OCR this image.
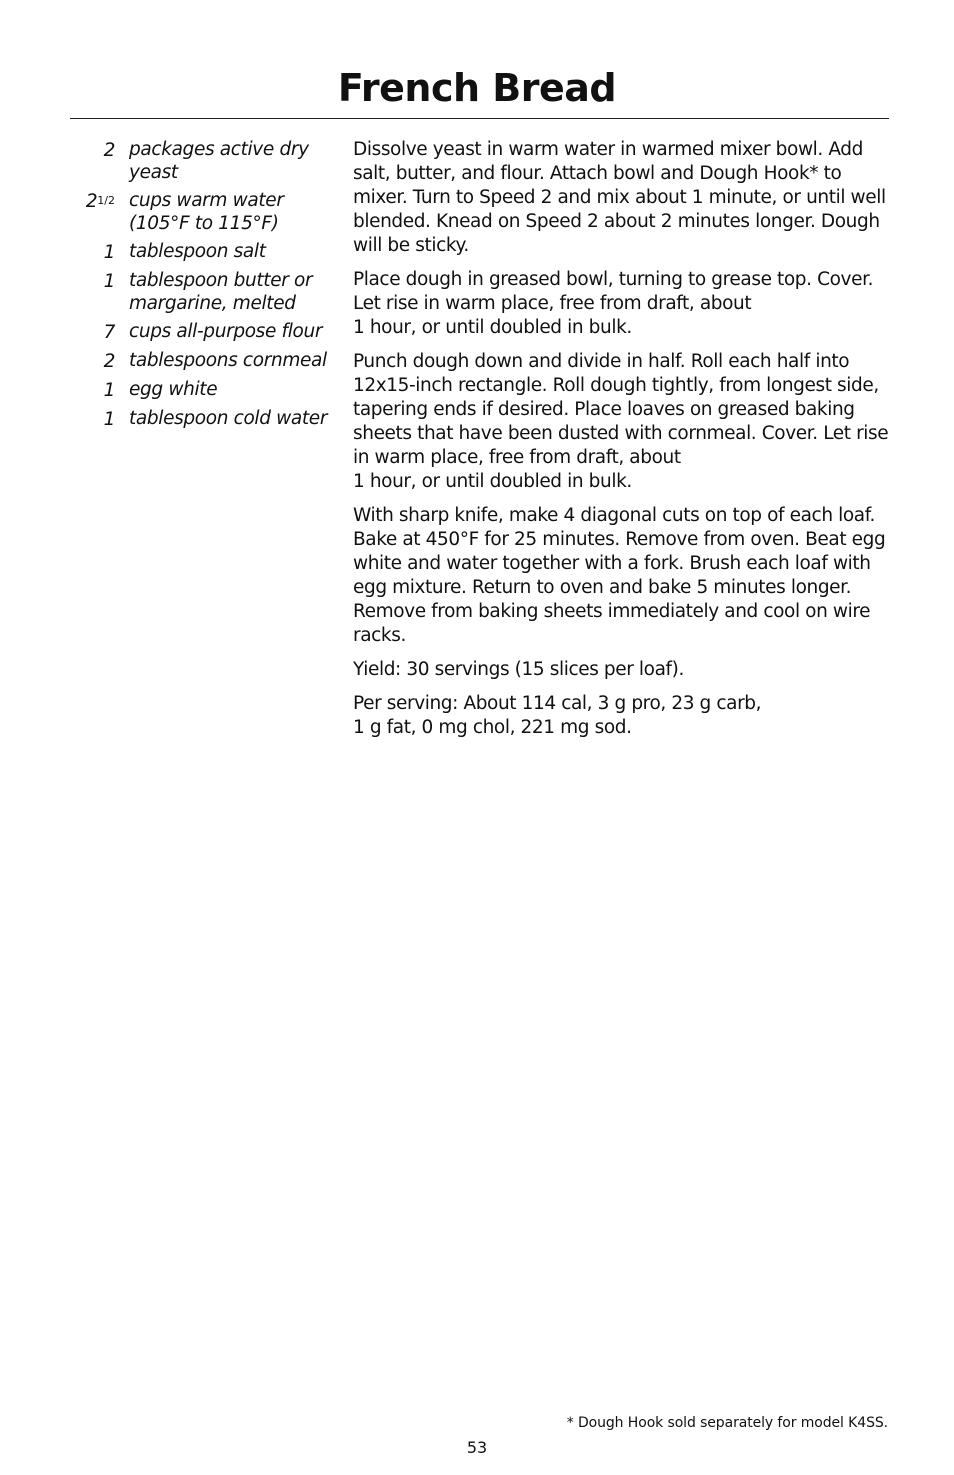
French Bread
2 packages active dry yeast
21/2 cups warm water (105°F to 115°F)
1 tablespoon salt
1 tablespoon butter or margarine, melted
7 cups all-purpose flour
2 tablespoons cornmeal
1 egg white
1 tablespoon cold water

Dissolve yeast in warm water in warmed mixer bowl. Add salt, butter, and flour. Attach bowl and Dough Hook* to mixer. Turn to Speed 2 and mix about 1 minute, or until well blended. Knead on Speed 2 about 2 minutes longer. Dough will be sticky.

Place dough in greased bowl, turning to grease top. Cover. Let rise in warm place, free from draft, about
1 hour, or until doubled in bulk.

Punch dough down and divide in half. Roll each half into 12x15-inch rectangle. Roll dough tightly, from longest side, tapering ends if desired. Place loaves on greased baking sheets that have been dusted with cornmeal. Cover. Let rise in warm place, free from draft, about
1 hour, or until doubled in bulk.

With sharp knife, make 4 diagonal cuts on top of each loaf. Bake at 450°F for 25 minutes. Remove from oven. Beat egg white and water together with a fork. Brush each loaf with egg mixture. Return to oven and bake 5 minutes longer. Remove from baking sheets immediately and cool on wire racks.

Yield: 30 servings (15 slices per loaf).

Per serving: About 114 cal, 3 g pro, 23 g carb,
1 g fat, 0 mg chol, 221 mg sod.

* Dough Hook sold separately for model K4SS.
53
